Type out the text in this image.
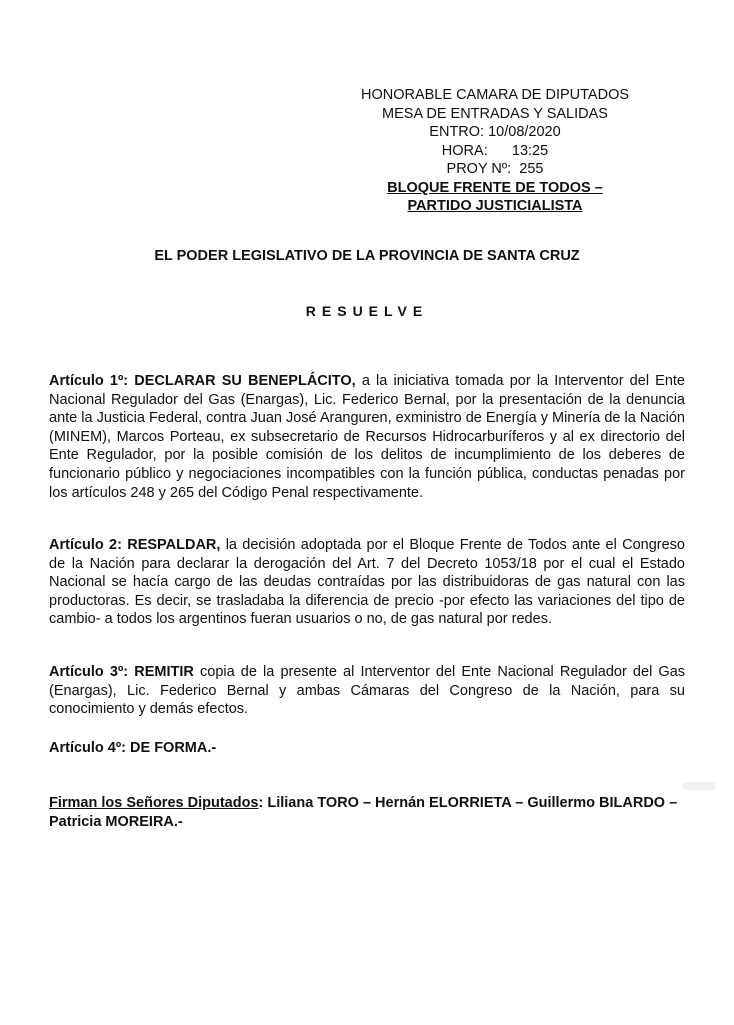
HONORABLE CAMARA DE DIPUTADOS
MESA DE ENTRADAS Y SALIDAS
ENTRO: 10/08/2020
HORA: 13:25
PROY Nº: 255
BLOQUE FRENTE DE TODOS –
PARTIDO JUSTICIALISTA
EL PODER LEGISLATIVO DE LA PROVINCIA DE SANTA CRUZ
RESUELVE

Artículo 1º: DECLARAR SU BENEPLÁCITO, a la iniciativa tomada por la Interventor del Ente Nacional Regulador del Gas (Enargas), Lic. Federico Bernal, por la presentación de la denuncia ante la Justicia Federal, contra Juan José Aranguren, exministro de Energía y Minería de la Nación (MINEM), Marcos Porteau, ex subsecretario de Recursos Hidrocarburíferos y al ex directorio del Ente Regulador, por la posible comisión de los delitos de incumplimiento de los deberes de funcionario público y negociaciones incompatibles con la función pública, conductas penadas por los artículos 248 y 265 del Código Penal respectivamente.

Artículo 2: RESPALDAR, la decisión adoptada por el Bloque Frente de Todos ante el Congreso de la Nación para declarar la derogación del Art. 7 del Decreto 1053/18 por el cual el Estado Nacional se hacía cargo de las deudas contraídas por las distribuidoras de gas natural con las productoras. Es decir, se trasladaba la diferencia de precio -por efecto las variaciones del tipo de cambio- a todos los argentinos fueran usuarios o no, de gas natural por redes.

Artículo 3º: REMITIR copia de la presente al Interventor del Ente Nacional Regulador del Gas (Enargas), Lic. Federico Bernal y ambas Cámaras del Congreso de la Nación, para su conocimiento y demás efectos.

Artículo 4º: DE FORMA.-

Firman los Señores Diputados: Liliana TORO – Hernán ELORRIETA – Guillermo BILARDO – Patricia MOREIRA.-
